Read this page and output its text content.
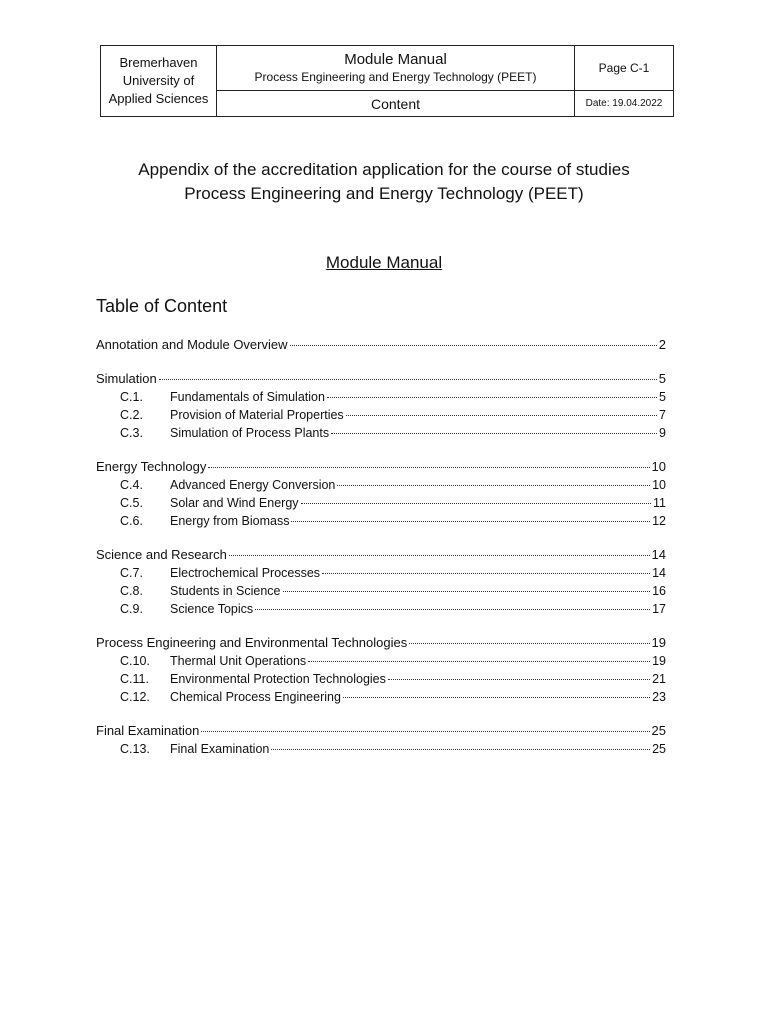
Bremerhaven
University of
Applied Sciences
Module Manual
Process Engineering and Energy Technology (PEET)
Content
Page C-1
Date: 19.04.2022
Appendix of the accreditation application for the course of studies
Process Engineering and Energy Technology (PEET)
Module Manual
Table of Content
Annotation and Module Overview	2
Simulation	5
C.1.	Fundamentals of Simulation	5
C.2.	Provision of Material Properties	7
C.3.	Simulation of Process Plants	9
Energy Technology	10
C.4.	Advanced Energy Conversion	10
C.5.	Solar and Wind Energy	11
C.6.	Energy from Biomass	12
Science and Research	14
C.7.	Electrochemical Processes	14
C.8.	Students in Science	16
C.9.	Science Topics	17
Process Engineering and Environmental Technologies	19
C.10.	Thermal Unit Operations	19
C.11.	Environmental Protection Technologies	21
C.12.	Chemical Process Engineering	23
Final Examination	25
C.13.	Final Examination	25
